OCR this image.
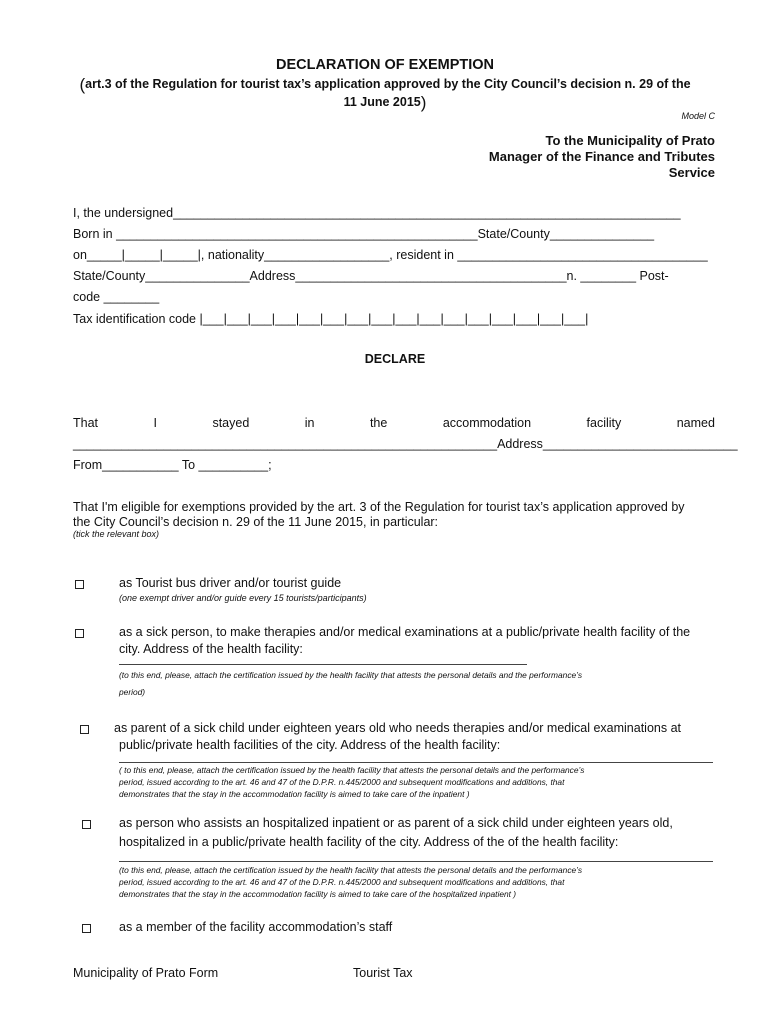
DECLARATION OF EXEMPTION
(art.3 of the Regulation for tourist tax’s application approved by the City Council’s decision n. 29 of the
11 June 2015)
Model C
To the Municipality of Prato
Manager of the Finance and Tributes
Service
I, the undersigned_________________________________________________________________________
Born in ____________________________________________________State/County_______________
on_____|_____|_____|, nationality__________________, resident in ____________________________________
State/County_______________Address_______________________________________n. ________ Post-
code ________
Tax identification code |___|___|___|___|___|___|___|___|___|___|___|___|___|___|___|___|
DECLARE
That	I	stayed	in	the	accommodation	facility	named
_____________________________________________________________Address____________________________
From___________ To __________;
That I'm eligible for exemptions provided by the art. 3 of the Regulation for tourist tax’s application approved by
the City Council’s decision n. 29 of the 11 June 2015, in particular:
(tick the relevant box)
as Tourist bus driver and/or tourist guide
(one exempt driver and/or guide every 15 tourists/participants)
as a sick person, to make therapies and/or medical examinations at a public/private health facility of the
city. Address of the health facility:
(to this end, please, attach the certification issued by the health facility that attests the personal details and the performance’s
period)
as parent of a sick child under eighteen years old who needs therapies and/or medical examinations at
public/private health facilities of the city. Address of the health facility:
( to this end, please, attach the certification issued by the health facility that attests the personal details and the performance’s
period, issued according to the art. 46 and 47 of the D.P.R. n.445/2000 and subsequent modifications and additions, that
demonstrates that the stay in the accommodation facility is aimed to take care of the inpatient )
as person who assists an hospitalized inpatient or as parent of a sick child under eighteen years old,
hospitalized in a public/private health facility of the city. Address of the of the health facility:
(to this end, please, attach the certification issued by the health facility that attests the personal details and the performance’s
period, issued according to the art. 46 and 47 of the D.P.R. n.445/2000 and subsequent modifications and additions, that
demonstrates that the stay in the accommodation facility is aimed to take care of the hospitalized inpatient )
as a member of the facility accommodation’s staff
Municipality of Prato Form	Tourist Tax
